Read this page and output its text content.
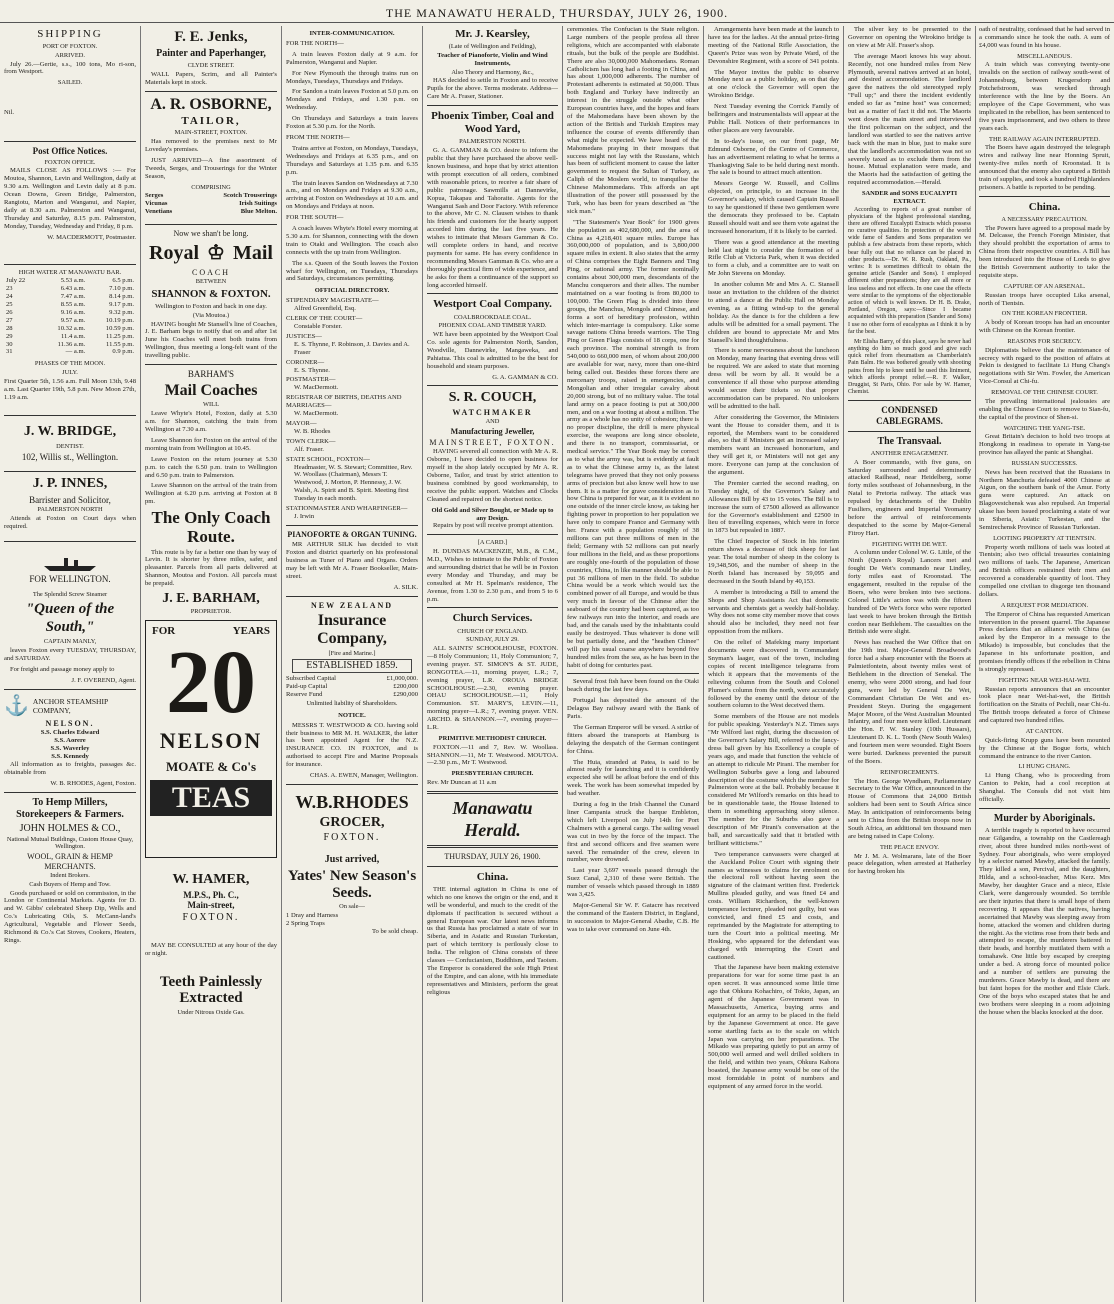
THE MANAWATU HERALD, THURSDAY, JULY 26, 1900.
SHIPPING
PORT OF FOXTON.
ARRIVED.

July 26.—Gertie, s.s., 100 tons, Mo ri-son, from Westport.

SAILED.

Nil.

Post Office Notices.
FOXTON OFFICE.

MAILS CLOSE AS FOLLOWS :— For Moutoa, Shannon, Levin and Wellington, daily at 9.30 a.m. Wellington and Levin daily at 8 p.m. Ocean Downs, Green Bridge, Palmerston, Rangiotu, Marton and Wanganui, and Napier, daily at 8.30 a.m. Palmerston and Wanganui, Thursday and Saturday, 8.15 p.m. Palmerston, Monday, Tuesday, Wednesday and Friday, 8 p.m.

W. MACDERMOTT, Postmaster.

HIGH WATER AT MANAWATU BAR.
July 22	5.53 a.m.	6.5 p.m.
23	6.43 a.m.	7.10 p.m.
24	7.47 a.m.	8.14 p.m.
25	8.55 a.m.	9.17 p.m.
26	9.16 a.m.	9.32 p.m.
27	9.57 a.m.	10.19 p.m.
28	10.32 a.m.	10.59 p.m.
29	11.4 a.m.	11.25 p.m.
30	11.36 a.m.	11.55 p.m.
31	— a.m.	0.9 p.m.
PHASES OF THE MOON.
JULY.

First Quarter 5th, 1.56 a.m. Full Moon 13th, 9.48 a.m. Last Quarter 19th, 5.8 p.m. New Moon 27th, 1.19 a.m.

J. W. BRIDGE,
DENTIST.
102, Willis st., Wellington.
J. P. INNES,
Barrister and Solicitor,
PALMERSTON NORTH

Attends at Foxton on Court days when required.

FOR WELLINGTON.
The Splendid Screw Steamer
"Queen of the South,"
CAPTAIN MANLY,

leaves Foxton every TUESDAY, THURSDAY, and SATURDAY.

For freight and passage money apply to

J. F. OVEREND, Agent.

⚓ ANCHOR STEAMSHIP COMPANY,
NELSON.
S.S. Charles Edward
S.S. Aorere
S.S. Waverley
S.S. Kennedy

All information as to freights, passages &c. obtainable from

W. B. RHODES, Agent, Foxton.

To Hemp Millers, Storekeepers & Farmers.
JOHN HOLMES & CO.,
National Mutual Buildings, Custom House Quay, Wellington.
WOOL, GRAIN & HEMP MERCHANTS.
Indent Brokers.
Cash Buyers of Hemp and Tow.

Goods purchased or sold on commission, in the London or Continental Markets. Agents for D. and W. Gibbs' celebrated Sheep Dip, Wells and Co.'s Lubricating Oils, S. McCann-land's Agricultural, Vegetable and Flower Seeds, Richmond & Co.'s Cat Stoves, Cookers, Heaters, Rings.

F. E. Jenks,
Painter and Paperhanger,
CLYDE STREET.

WALL Papers, Scrim, and all Painter's Materials kept in stock.

A. R. OSBORNE,
TAILOR,
MAIN-STREET, FOXTON.

Has removed to the premises next to Mr Loveday's premises.

JUST ARRIVED—A fine assortment of Tweeds, Serges, and Trouserings for the Winter Season,

COMPRISING
Serges	Scotch Trouserings
Vicunas	Irish Suitings
Venetians	Blue Melton.
Now we shan't be long.
Royal ♔ Mail
COACH
BETWEEN
SHANNON & FOXTON.
Wellington to Foxton and back in one day.
(Via Moutoa.)

HAVING bought Mr Stansell's line of Coaches, J. E. Barham begs to notify that on and after 1st June his Coaches will meet both trains from Wellington, thus meeting a long-felt want of the travelling public.

BARHAM'S
Mail Coaches
WILL

Leave Whyte's Hotel, Foxton, daily at 5.30 a.m. for Shannon, catching the train from Wellington at 7.30 a.m.

Leave Shannon for Foxton on the arrival of the morning train from Wellington at 10.45.

Leave Foxton on the return journey at 5.30 p.m. to catch the 6.50 p.m. train to Wellington and 6.50 p.m. train to Palmerston.

Leave Shannon on the arrival of the train from Wellington at 6.20 p.m. arriving at Foxton at 8 pm.

The Only Coach Route.

This route is by far a better one than by way of Levin. It is shorter by three miles, safer, and pleasanter. Parcels from all parts delivered at Shannon, Moutoa and Foxton. All parcels must be prepaid.

J. E. BARHAM,
PROPRIETOR.
FOR	YEARS
20
NELSON
MOATE & Co's
TEAS
W. HAMER,
M.P.S., Ph. C.,
Main-street,
FOXTON.

MAY BE CONSULTED at any hour of the day or night.

Teeth Painlessly Extracted
Under Nitrous Oxide Gas.
INTER-COMMUNICATION.

FOR THE NORTH—

A train leaves Foxton daily at 9 a.m. for Palmerston, Wanganui and Napier.

For New Plymouth the through trains run on Mondays, Tuesdays, Thursdays and Fridays.

For Sandon a train leaves Foxton at 5.0 p.m. on Mondays and Fridays, and 1.30 p.m. on Wednesday.

On Thursdays and Saturdays a train leaves Foxton at 5.30 p.m. for the North.

FROM THE NORTH—

Trains arrive at Foxton, on Mondays, Tuesdays, Wednesdays and Fridays at 6.35 p.m., and on Thursdays and Saturdays at 1.35 p.m. and 6.35 p.m.

The train leaves Sandon on Wednesdays at 7.30 a.m., and on Mondays and Fridays at 9.30 a.m., arriving at Foxton on Wednesdays at 10 a.m. and on Mondays and Fridays at noon.

FOR THE SOUTH—

A coach leaves Whyte's Hotel every morning at 5.30 a.m. for Shannon, connecting with the down train to Otaki and Wellington. The coach also connects with the up train from Wellington.

The s.s. Queen of the South leaves the Foxton wharf for Wellington, on Tuesdays, Thursdays and Saturdays, circumstances permitting.

OFFICIAL DIRECTORY.
STIPENDIARY MAGISTRATE—
Alfred Greenfield, Esq.
CLERK OF THE COURT—
Constable Forster.
JUSTICES—
E. S. Thynne, F. Robinson, J. Davies and A. Fraser
CORONER—
E. S. Thynne.
POSTMASTER—
W. MacDermott.
REGISTRAR OF BIRTHS, DEATHS AND MARRIAGES—
W. MacDermott.
MAYOR—
W. B. Rhodes
TOWN CLERK—
Alf. Fraser.
STATE SCHOOL, FOXTON—
Headmaster, W. S. Stewart; Committee, Rev. W. Woollass (Chairman), Messrs T. Westwood, J. Morton, P. Hennessy, J. W. Walsh, A. Spirit and B. Spirit. Meeting first Tuesday in each month.
STATIONMASTER AND WHARFINGER—
J. Irwin
PIANOFORTE & ORGAN TUNING.

MR ARTHUR SILK has decided to visit Foxton and district quarterly on his professional business as Tuner of Piano and Organs. Orders may be left with Mr A. Fraser Bookseller, Main-street.

A. SILK.

NEW ZEALAND
Insurance Company,
[Fire and Marine.]
ESTABLISHED 1859.
Subscribed Capital	£1,000,000.
Paid-up Capital	£200,000
Reserve Fund	£290,000
Unlimited liability of Shareholders.
NOTICE.

MESSRS T. WESTWOOD & CO. having sold their business to MR M. H. WALKER, the latter has been appointed Agent for the N.Z. INSURANCE CO. IN FOXTON, and is authorised to accept Fire and Marine Proposals for insurance.

CHAS. A. EWEN, Manager, Wellington.

W.B.RHODES
GROCER,
FOXTON.
Just arrived,
Yates' New Season's Seeds.
On sale—
1 Dray and Harness
2 Spring Traps

To be sold cheap.

Mr. J. Kearsley,
(Late of Wellington and Feilding),
Teacher of Pianoforte, Violin and Wind Instruments,
Also Theory and Harmony, &c.,

HAS decided to settle in Foxton and to receive Pupils for the above. Terms moderate. Address—Care Mr A. Fraser, Stationer.

Phoenix Timber, Coal and Wood Yard,
PALMERSTON NORTH.

G. A. GAMMAN & CO. desire to inform the public that they have purchased the above well-known business, and hope that by strict attention with prompt execution of all orders, combined with reasonable prices, to receive a fair share of public patronage. Sawmills at Dannevirke, Kopua, Takapau and Tahoraite. Agents for the Wanganui Sash and Door Factory. With reference to the above, Mr C. N. Clausen wishes to thank his friends and customers for the hearty support accorded him during the last five years. He wishes to intimate that Messrs Gamman & Co. will complete orders in hand, and receive payments for same. He has every confidence in recommending Messrs Gamman & Co. who are a thoroughly practical firm of wide experience, and he asks for them a continuance of the support so long accorded himself.

Westport Coal Company.
COALBROOKDALE COAL.
PHOENIX COAL AND TIMBER YARD.

WE have been appointed by the Westport Coal Co. sole agents for Palmerston North, Sandon, Woodville, Dannevirke, Mangaweka, and Pahiatua. This coal is admitted to be the best for household and steam purposes.

G. A. GAMMAN & CO.

S. R. COUCH,
WATCHMAKER
AND
Manufacturing Jeweller,
MAINSTREET, FOXTON.

HAVING severed all connection with Mr A. R. Osborne, I have decided to open business for myself in the shop lately occupied by Mr A. R. Osborne, Tailor, and trust by strict attention to business combined by good workmanship, to receive the public support. Watches and Clocks Cleaned and repaired on the shortest notice.

Old Gold and Silver Bought, or Made up to any Design.

Repairs by post will receive prompt attention.

[A CARD.]

H. DUNDAS MACKENZIE, M.B., & C.M., M.D., Wishes to intimate to the Public of Foxton and surrounding district that he will be in Foxton every Monday and Thursday, and may be consulted at Mr H. Spelman's residence, The Avenue, from 1.30 to 2.30 p.m., and from 5 to 6 p.m.

Church Services.
CHURCH OF ENGLAND.
SUNDAY, JULY 29.

ALL SAINTS' SCHOOLHOUSE, FOXTON.—8 Holy Communion; 11, Holy Communion; 7, evening prayer. ST. SIMON'S & ST. JUDE, RONGOTEA.—11, morning prayer, L.R.; 7, evening prayer, L.R. OROUA BRIDGE SCHOOLHOUSE.—2.30, evening prayer. OHAU SCHOOLHOUSE.—11, Holy Communion. ST. MARY'S, LEVIN.—11, morning prayer—L.R.; 7, evening prayer. VEN. ARCHD. & SHANNON.—7, evening prayer—L.R.

PRIMITIVE METHODIST CHURCH.

FOXTON.—11 and 7, Rev. W. Woollass. SHANNON.—11, Mr T. Westwood. MOUTOA.—2.30 p.m., Mr T. Westwood.

PRESBYTERIAN CHURCH.

Rev. Mr Duncan at 11 a.m

Manawatu Herald.
THURSDAY, JULY 26, 1900.
China.

THE internal agitation in China is one of which no one knows the origin or the end, and it will be wonderful, and much to the credit of the diplomats if pacification is secured without a general European war. Our latest news informs us that Russia has proclaimed a state of war in Siberia, and in Asiatic and Russian Turkestan, part of which territory is perilously close to India. The religion of China consists of three classes — Confucianism, Buddhism, and Taoism. The Emperor is considered the sole High Priest of the Empire, and can alone, with his immediate representatives and Ministers, perform the great religious

ceremonies. The Confucian is the State religion. Large numbers of the people profess all three religions, which are accompanied with elaborate rituals, but the bulk of the people are Buddhist. There are also 30,000,000 Mahomedans. Roman Catholicism has long had a footing in China, and has about 1,000,000 adherents. The number of Protestant adherents is estimated at 50,000. Thus both England and Turkey have indirectly an interest in the struggle outside what other European countries have, and the hopes and fears of the Mahomedans have been shown by the action of the British and Turkish Empires may influence the course of events differently than what might be expected. We have heard of the Mahomedans praying in their mosques that success might not lay with the Russians, which has been of sufficient moment to cause the latter government to request the Sultan of Turkey, as Caliph of the Moslem world, to tranquilise the Chinese Mahommedans. This affords an apt illustration of the power still possessed by the Turk, who has been for years described as "the sick man."

"The Statesmen's Year Book" for 1900 gives the population as 402,680,000, and the area of China as 4,218,401 square miles. Europe has 360,000,000 of population, and is 3,800,000 square miles in extent. It also states that the army of China comprises the Eight Banners and Ting Ping, or national army. The former nominally contains about 300,000 men, descendants of the Manchu conquerors and their allies. The number maintained on a war footing is from 80,000 to 100,000. The Green Flag is divided into three groups, the Manchus, Mongols and Chinese, and forms a sort of hereditary profession, within which inter-marriage is compulsory. Like some savage nations China breeds warriors. The Ting Ping or Green Flags consists of 18 corps, one for each province. The nominal strength is from 540,000 to 660,000 men, of whom about 200,000 are available for war, navy, more than one-third being called out. Besides these forces there are mercenary troops, raised in emergencies, and Mongolian and other irregular cavalry about 20,000 strong, but of no military value. The total land army on a peace footing is put at 300,000 men, and on a war footing at about a million. The army as a whole has no unity of cohesion; there is no proper discipline, the drill is mere physical exercise, the weapons are long since obsolete, and there is no transport, commissariat, or medical service." The Year Book may be correct as to what the army was, but is evidently at fault as to what the Chinese army is, as the latest telegrams have proved that they not only possess arms of precision but also know well how to use them. It is a matter for grave consideration as to how China is prepared for war, as it is evident no one outside of the inner circle know, as taking her fighting power in proportion to her population we have only to compare France and Germany with her. France with a population roughly of 38 millions can put three millions of men in the field; Germany with 52 millions can put nearly four millions in the field, and as these proportions are roughly one-fourth of the population of those countries, China, in like manner should be able to put 36 millions of men in the field. To subdue China would be a work which would tax the combined power of all Europe, and would be thus very much in favour of the Chinese after the seaboard of the country had been captured, as too few railways run into the interior, and roads are bad, and the canals used by the inhabitants could easily be destroyed. Thus whatever is done will be but partially done, and the "heathen Chinee" will pay his usual coarse anywhere beyond five hundred miles from the sea, as he has been in the habit of doing for centuries past.

Several frost fish have been found on the Otaki beach during the last few days.

Portugal has deposited the amount of the Delagoa Bay railway award with the Bank of Paris.

The German Emperor will be vexed. A strike of fitters aboard the transports at Hamburg is delaying the despatch of the German contingent for China.

The Huia, stranded at Patea, is said to be almost ready for launching and it is confidently expected she will be afloat before the end of this week. The work has been somewhat impeded by bad weather.

During a fog in the Irish Channel the Cunard liner Campania struck the barque Embleton, which left Liverpool on July 14th for Port Chalmers with a general cargo. The sailing vessel was cut in two by the force of the impact. The first and second officers and five seamen were saved. The remainder of the crew, eleven in number, were drowned.

Last year 3,697 vessels passed through the Suez Canal, 2,310 of these were British. The number of vessels which passed through in 1889 was 3,425.

Major-General Sir W. F. Gatacre has received the command of the Eastern District, in England, in succession to Major-General Abadie, C.B. He was to take over command on June 4th.

Arrangements have been made at the launch to have tea for the ladies. At the annual prize-firing meeting of the National Rifle Association, the Queen's Prize was won by Private Ward, of the Devonshire Regiment, with a score of 341 points.

The Mayor invites the public to observe Monday next as a public holiday, as on that day at one o'clock the Governor will open the Wirokino Bridge.

Next Tuesday evening the Corrick Family of bellringers and instrumentalists will appear at the Public Hall. Notices of their performances in other places are very favourable.

In to-day's issue, on our front page, Mr Edmund Osborne, of the Centre of Commerce, has an advertisement relating to what he terms a Thanksgiving Sale to be held during next month. The sale is bound to attract much attention.

Messrs George W. Russell, and Collins objected, on principle, to an increase in the Governor's salary, which caused Captain Russell to say he questioned if these two gentlemen were the democrats they professed to be. Captain Russell should wait and see them vote against the increased honorarium, if it is likely to be carried.

There was a good attendance at the meeting held last night to consider the formation of a Rifle Club at Victoria Park, when it was decided to form a club, and a committee are to wait on Mr John Stevens on Monday.

In another column Mr and Mrs A. C. Stansell issue an invitation to the children of the district to attend a dance at the Public Hall on Monday evening, as a fitting wind-up to the general holiday. As the dance is for the children a few adults will be admitted for a small payment. The children are bound to appreciate Mr and Mrs Stansell's kind thoughtfulness.

There is some nervousness about the luncheon on Monday, many fearing that evening dress will be required. We are asked to state that morning dress will be worn by all. It would be a convenience if all those who purpose attending would secure their tickets so that proper accommodation can be prepared. No unlookers will be admitted to the hall.

After considering the Governor, the Ministers want the House to consider them, and it is reported, the Members want to be considered also, so that if Ministers get an increased salary members want an increased honorarium, and they will get it, or Ministers will not get any more. Everyone can jump at the conclusion of the argument.

The Premier carried the second reading, on Tuesday night, of the Governor's Salary and Allowances Bill by 43 to 15 votes. The Bill is to increase the sum of £7500 allowed as allowance for the Governor's establishment and £2500 in lieu of travelling expenses, which were in force in 1873 but repealed in 1887.

The Chief Inspector of Stock in his interim return shows a decrease of tick sheep for last year. The total number of sheep in the colony is 19,348,506, and the number of sheep in the North Island has increased by 59,095 and decreased in the South Island by 40,153.

A member is introducing a Bill to amend the Shops and Shop Assistants Act that domestic servants and chemists get a weekly half-holiday. Why does not some city member move that cows should also be included, they need not fear opposition from the milkers.

On the relief of Mafeking many important documents were discovered in Commandant Snyman's laager, east of the town, including copies of recent intelligence telegrams from which it appears that the movements of the relieving column from the South and Colonel Plumer's column from the north, were accurately followed by the enemy until the detour of the southern column to the West deceived them.

Some members of the House are not models for public speaking. Yesterday's N.Z. Times says "Mr Wilford last night, during the discussion of the Governor's Salary Bill, referred to the fancy-dress ball given by his Excellency a couple of years ago, and made that function the vehicle of an attempt to ridicule Mr Pirani. The member for Wellington Suburbs gave a long and laboured description of the costume which the member for Palmerston wore at the ball. Probably because it considered Mr Wilford's remarks on this head to be in questionable taste, the House listened to them in something approaching stony silence. The member for the Suburbs also gave a description of Mr Pirani's conversation at the ball, and sarcastically said that it bristled with brilliant witticisms."

Two temperance canvassers were charged at the Auckland Police Court with signing their names as witnesses to claims for enrolment on the electoral roll without having seen the signature of the claimant written first. Frederick Mullins pleaded guilty, and was fined £4 and costs. William Richardson, the well-known temperance lecturer, pleaded not guilty, but was convicted, and fined £5 and costs, and reprimanded by the Magistrate for attempting to turn the Court into a political meeting. Mr Hosking, who appeared for the defendant was charged with interrupting the Court and cautioned.

That the Japanese have been making extensive preparations for war for some time past is an open secret. It was announced some little time ago that Ohkura Kohachiro, of Tokio, Japan, an agent of the Japanese Government was in Massachusetts, America, buying arms and equipment for an army to be placed in the field by the Japanese Government at once. He gave some startling facts as to the scale on which Japan was carrying on her preparations. The Mikado was preparing quietly to put an army of 500,000 well armed and well drilled soldiers in the field, and within two years, Ohkura Kahora boasted, the Japanese army would be one of the most formidable in point of numbers and equipment of any armed force in the world.

The silver key to be presented to the Governor on opening the Wirokino bridge is on view at Mr Alf. Fraser's shop.

The average Maori knows his way about. Recently, not one hundred miles from New Plymouth, several natives arrived at an hotel, and desired accommodation. The landlord gave the natives the old stereotyped reply "Full up;" and there the incident evidently ended so far as "mine host" was concerned; but as a matter of fact it did not. The Maoris went down the main street and interviewed the first policeman on the subject, and the landlord was startled to see the natives arrive back with the man in blue, just to make sure that the landlord's accommodation was not so severely taxed as to exclude them from the house. Mutual explanation were made, and the Maoris had the satisfaction of getting the required accommodation.—Herald.

SANDER and SONS EUCALYPTI EXTRACT.

According to reports of a great number of physicians of the highest professional standing, there are offered Eucalypti Extracts which possess no curative qualities. In protection of the world wide fame of Sanders and Sons preparation we publish a few abstracts from these reports, which bear fully out that no reliance can be placed in other products.—Dr. W. R. Rush, Oakland, Pa., writes: It is sometimes difficult to obtain the genuine article (Sander and Sons). I employed different other preparations; they are all more or less useless and not effects. In one case the effects were similar to the symptoms of the objectionable action of which is well known. Dr H. B. Drake, Portland, Oregon, says:—Since I became acquainted with this preparation (Sander and Sons) I use no other form of eucalyptus as I think it is by far the best.

Mr Elisha Barry, of this place, says he never had anything do him so much good and give such quick relief from rheumatism as Chamberlain's Pain Balm. He was bothered greatly with shooting pains from hip to knee until he used this liniment, which affords prompt relief.—R. F. Walker, Druggist, St Paris, Ohio. For sale by W. Hamer, Chemist.

CONDENSED CABLEGRAMS.
The Transvaal.
ANOTHER ENGAGEMENT.

A Boer commando, with five guns, on Saturday surrounded and determinedly attacked Railhead, near Heidelberg, some forty miles southeast of Johannesburg, in the Natal to Pretoria railway. The attack was repulsed by detachments of the Dublin Fusiliers, engineers and Imperial Yeomanry before the arrival of reinforcements despatched to the scene by Major-General Fitroy Hart.

FIGHTING WITH DE WET.

A column under Colonel W. G. Little, of the Ninth (Queen's Royal) Lancers met and fought De Wet's commando near Lindley, forty miles east of Kroonstad. The engagement, resulted in the repulse of the Boers, who were broken into two sections. Colonel Little's action was with the fifteen hundred of De Wet's force who were reported last week to have broken through the British cordon near Bethlehem. The casualties on the British side were slight.

News has reached the War Office that on the 19th inst. Major-General Broadwood's force had a sharp encounter with the Boers at Palmietfontein, about twenty miles west of Bethlehem in the direction of Senekal. The enemy, who were 2000 strong, and had four guns, were led by General De Wet, Commandant Christian De Wet and ex-President Steyn. During the engagement Major Moore, of the West Australian Mounted Infantry, and four men were killed. Lieutenant the Hon. F. W. Stanley (10th Hussars), Lieutenant D. K. L. Tooth (New South Wales) and fourteen men were wounded. Eight Boers were buried. Darkness prevented the pursuit of the Boers.

REINFORCEMENTS.

The Hon. George Wyndham, Parliamentary Secretary to the War Office, announced in the House of Commons that 24,000 British soldiers had been sent to South Africa since May. In anticipation of reinforcements being sent to China from the British troops now in South Africa, an additional ten thousand men are being raised in Cape Colony.

THE PEACE ENVOY.

Mr J. M. A. Wolmarans, late of the Boer peace delegation, when arrested at Hatherley for having broken his

oath of neutrality, confessed that he had served in a commando since he took the oath. A sum of £4,000 was found in his house.

MISCELLANEOUS.

A train which was conveying twenty-one invalids on the section of railway south-west of Johannesburg, between Krugersdorp and Potchefstroom, was wrecked through interference with the line by the Boers. An employee of the Cape Government, who was implicated in the rebellion, has been sentenced to five years imprisonment, and two others to three years each.

THE RAILWAY AGAIN INTERRUPTED.

The Boers have again destroyed the telegraph wires and railway line near Honning Spruit, twenty-five miles north of Kroonstad. It is announced that the enemy also captured a British train of supplies, and took a hundred Highlanders prisoners. A battle is reported to be pending.

China.
A NECESSARY PRECAUTION.

The Powers have agreed to a proposal made by M. Delcasse, the French Foreign Minister, that they should prohibit the exportation of arms to China from their respective countries. A Bill has been introduced into the House of Lords to give the British Government authority to take the requisite steps.

CAPTURE OF AN ARSENAL.

Russian troops have occupied Lika arsenal, north of Tientsin.

ON THE KOREAN FRONTIER.

A body of Korean troops has had an encounter with Chinese on the Korean frontier.

REASONS FOR SECRECY.

Diplomatists believe that the maintenance of secrecy with regard to the position of affairs at Pekin is designed to facilitate Li Hung Chang's negotiations with Sir Wm. Fowler, the American Vice-Consul at Chi-fu.

REMOVAL OF THE CHINESE COURT.

The prevailing international jealousies are enabling the Chinese Court to remove to Sian-fu, the capital of the province of Shen-si.

WATCHING THE YANG-TSE.

Great Britain's decision to hold two troops at Hongkong in readiness to operate in Yang-tse province has allayed the panic at Shanghai.

RUSSIAN SUCCESSES.

News has been received that the Russians in Northern Manchuria defeated 4000 Chinese at Aigun, on the southern bank of the Amur. Forty guns were captured. An attack on Blagovestchensk was also repulsed. An Imperial ukase has been issued proclaiming a state of war in Siberia, Asiatic Turkestan, and the Semirechensk Province of Russian Turkestan.

LOOTING PROPERTY AT TIENTSIN.

Property worth millions of taels was looted at Tientsin; also two official treasuries containing two millions of taels. The Japanese, American and British officers restrained their men and recovered a considerable quantity of loot. They compelled one civilian to disgorge ten thousand dollars.

A REQUEST FOR MEDIATION.

The Emperor of China has requested American intervention in the present quarrel. The Japanese Press declares that an alliance with China (as asked by the Emperor in a message to the Mikado) is impossible, but concludes that the Japanese in his unfortunate position, and promises friendly offices if the rebellion in China is strongly repressed.

FIGHTING NEAR WEI-HAI-WEI.

Russian reports announces that an encounter took place near Wei-hai-wei, the British fortification on the Straits of Pechili, near Chi-fu. The British troops defeated a force of Chinese and captured two hundred rifles.

AT CANTON.

Quick-firing Krupp guns have been mounted by the Chinese at the Bogue forts, which command the entrance to the river Canton.

LI HUNG CHANG.

Li Hung Chang, who is proceeding from Canton to Pekin, had a cool reception at Shanghai. The Consuls did not visit him officially.

Murder by Aboriginals.

A terrible tragedy is reported to have occurred near Gilgandra, a township on the Castlereagh river, about three hundred miles north-west of Sydney. Four aboriginals, who were employed by a selector named Mawby, attacked the family. They killed a son, Percival, and the daughters, Hilda, and a school-teacher, Miss Kerz. Mrs Mawby, her daughter Grace and a niece, Elsie Clark, were dangerously wounded. So terrible are their injuries that there is small hope of them recovering. It appears that the natives, having ascertained that Mawby was sleeping away from home, attacked the women and children during the night. As the victims rose from their beds and attempted to escape, the murderers battered in their heads, and horribly mutilated them with a tomahawk. One little boy escaped by creeping under a bed. A strong force of mounted police and a number of settlers are pursuing the murderers. Grace Mawby is dead, and there are but faint hopes for the mother and Elsie Clark. One of the boys who escaped states that he and two brothers were sleeping in a room adjoining the house when the blacks knocked at the door.
